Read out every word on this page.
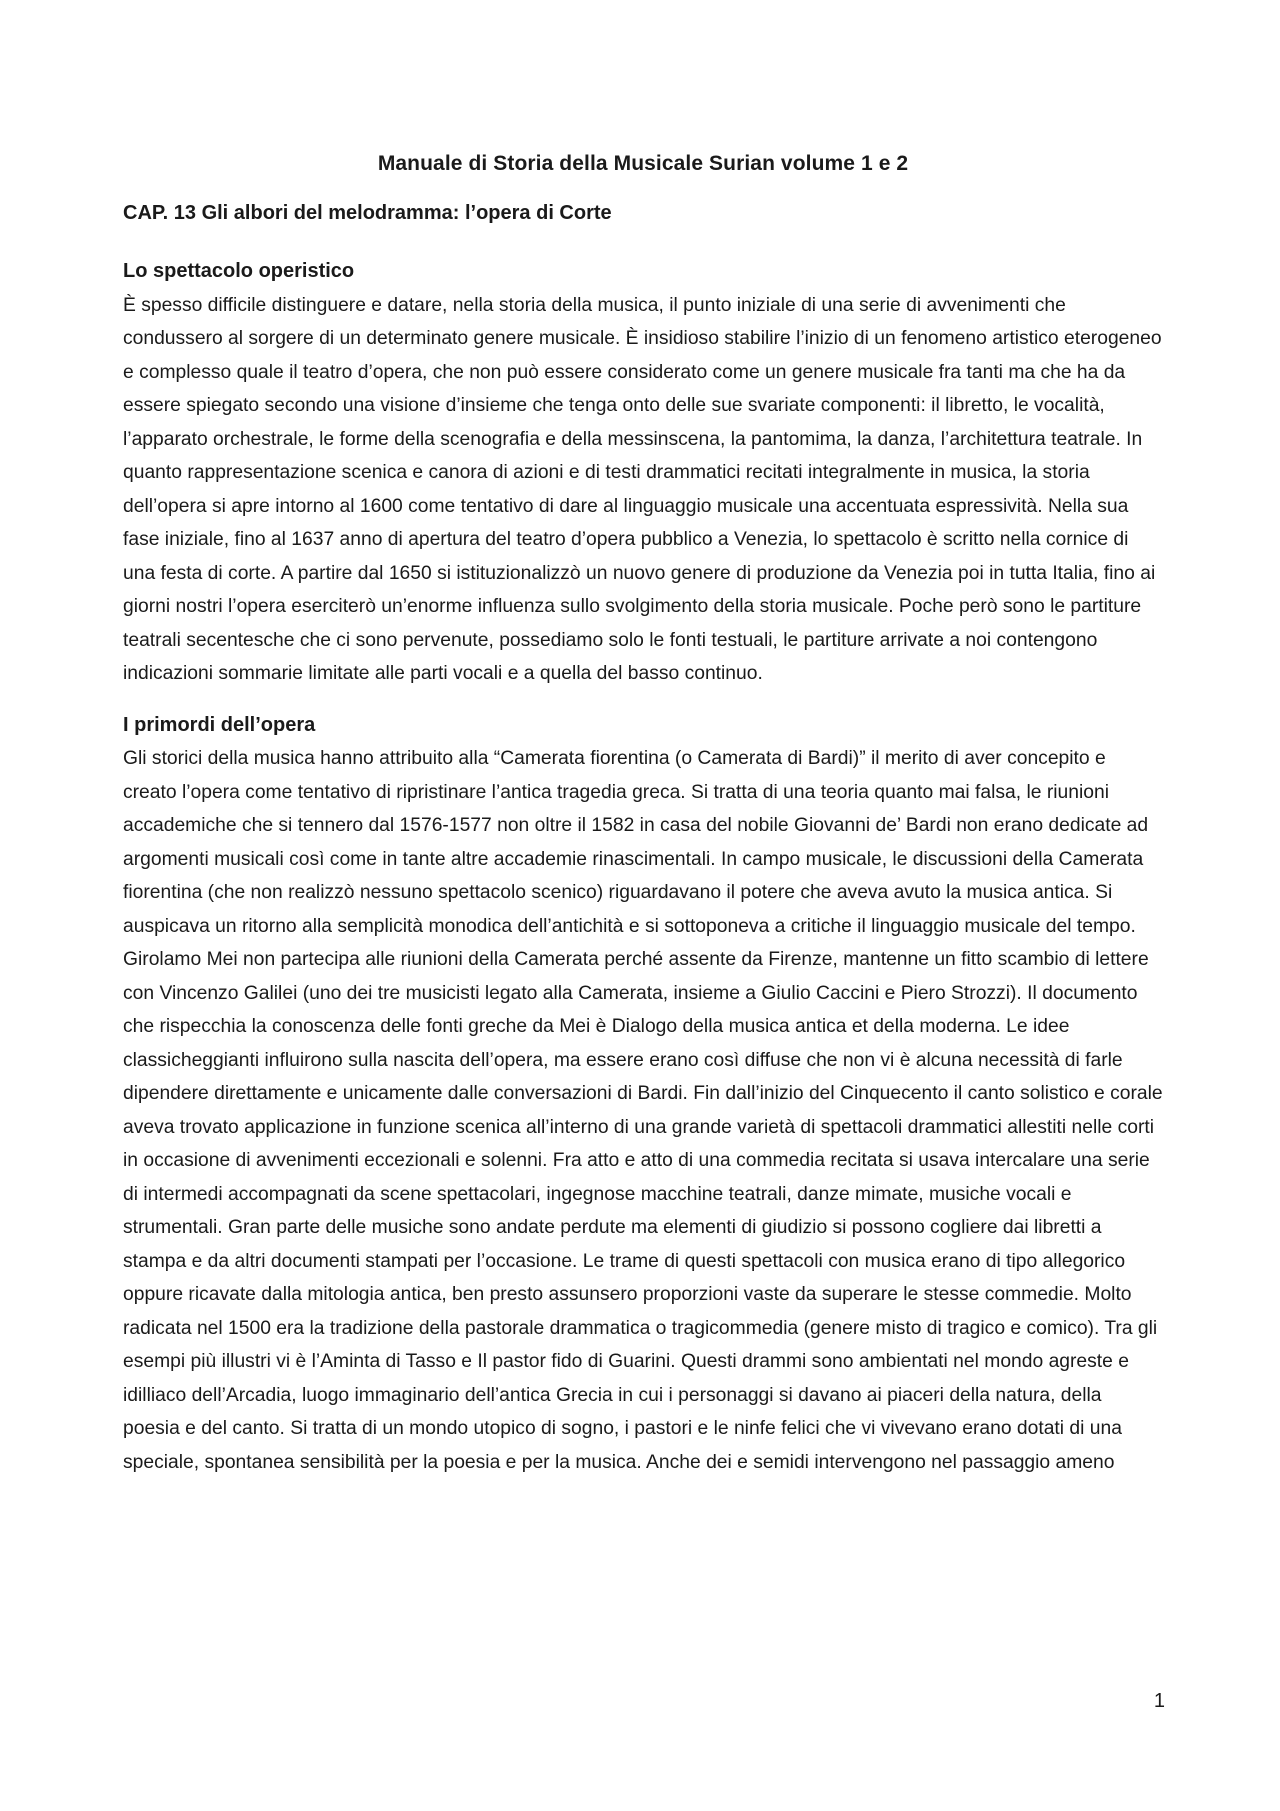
Manuale di Storia della Musicale Surian volume 1 e 2
CAP. 13 Gli albori del melodramma: l’opera di Corte
Lo spettacolo operistico

È spesso difficile distinguere e datare, nella storia della musica, il punto iniziale di una serie di avvenimenti che condussero al sorgere di un determinato genere musicale. È insidioso stabilire l’inizio di un fenomeno artistico eterogeneo e complesso quale il teatro d’opera, che non può essere considerato come un genere musicale fra tanti ma che ha da essere spiegato secondo una visione d’insieme che tenga onto delle sue svariate componenti: il libretto, le vocalità, l’apparato orchestrale, le forme della scenografia e della messinscena, la pantomima, la danza, l’architettura teatrale. In quanto rappresentazione scenica e canora di azioni e di testi drammatici recitati integralmente in musica, la storia dell’opera si apre intorno al 1600 come tentativo di dare al linguaggio musicale una accentuata espressività. Nella sua fase iniziale, fino al 1637 anno di apertura del teatro d’opera pubblico a Venezia, lo spettacolo è scritto nella cornice di una festa di corte. A partire dal 1650 si istituzionalizzò un nuovo genere di produzione da Venezia poi in tutta Italia, fino ai giorni nostri l’opera eserciterò un’enorme influenza sullo svolgimento della storia musicale. Poche però sono le partiture teatrali secentesche che ci sono pervenute, possediamo solo le fonti testuali, le partiture arrivate a noi contengono indicazioni sommarie limitate alle parti vocali e a quella del basso continuo.

I primordi dell’opera

Gli storici della musica hanno attribuito alla “Camerata fiorentina (o Camerata di Bardi)” il merito di aver concepito e creato l’opera come tentativo di ripristinare l’antica tragedia greca. Si tratta di una teoria quanto mai falsa, le riunioni accademiche che si tennero dal 1576-1577 non oltre il 1582 in casa del nobile Giovanni de’ Bardi non erano dedicate ad argomenti musicali così come in tante altre accademie rinascimentali. In campo musicale, le discussioni della Camerata fiorentina (che non realizzò nessuno spettacolo scenico) riguardavano il potere che aveva avuto la musica antica. Si auspicava un ritorno alla semplicità monodica dell’antichità e si sottoponeva a critiche il linguaggio musicale del tempo. Girolamo Mei non partecipa alle riunioni della Camerata perché assente da Firenze, mantenne un fitto scambio di lettere con Vincenzo Galilei (uno dei tre musicisti legato alla Camerata, insieme a Giulio Caccini e Piero Strozzi). Il documento che rispecchia la conoscenza delle fonti greche da Mei è Dialogo della musica antica et della moderna. Le idee classicheggianti influirono sulla nascita dell’opera, ma essere erano così diffuse che non vi è alcuna necessità di farle dipendere direttamente e unicamente dalle conversazioni di Bardi. Fin dall’inizio del Cinquecento il canto solistico e corale aveva trovato applicazione in funzione scenica all’interno di una grande varietà di spettacoli drammatici allestiti nelle corti in occasione di avvenimenti eccezionali e solenni. Fra atto e atto di una commedia recitata si usava intercalare una serie di intermedi accompagnati da scene spettacolari, ingegnose macchine teatrali, danze mimate, musiche vocali e strumentali. Gran parte delle musiche sono andate perdute ma elementi di giudizio si possono cogliere dai libretti a stampa e da altri documenti stampati per l’occasione. Le trame di questi spettacoli con musica erano di tipo allegorico oppure ricavate dalla mitologia antica, ben presto assunsero proporzioni vaste da superare le stesse commedie. Molto radicata nel 1500 era la tradizione della pastorale drammatica o tragicommedia (genere misto di tragico e comico). Tra gli esempi più illustri vi è l’Aminta di Tasso e Il pastor fido di Guarini. Questi drammi sono ambientati nel mondo agreste e idilliaco dell’Arcadia, luogo immaginario dell’antica Grecia in cui i personaggi si davano ai piaceri della natura, della poesia e del canto. Si tratta di un mondo utopico di sogno, i pastori e le ninfe felici che vi vivevano erano dotati di una speciale, spontanea sensibilità per la poesia e per la musica. Anche dei e semidi intervengono nel passaggio ameno

1
